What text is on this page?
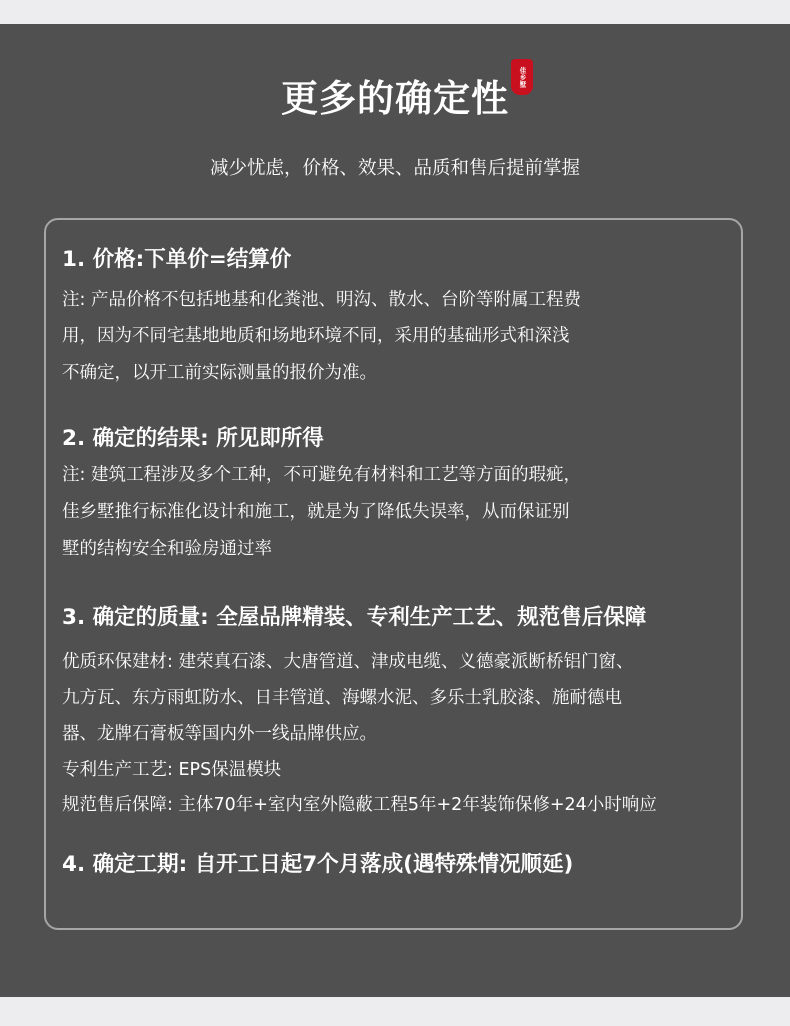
更多的确定性	佳乡墅
减少忧虑，价格、效果、品质和售后提前掌握
1. 价格:下单价=结算价
注: 产品价格不包括地基和化粪池、明沟、散水、台阶等附属工程费
用，因为不同宅基地地质和场地环境不同，采用的基础形式和深浅
不确定，以开工前实际测量的报价为准。
2. 确定的结果: 所见即所得
注: 建筑工程涉及多个工种，不可避免有材料和工艺等方面的瑕疵，
佳乡墅推行标准化设计和施工，就是为了降低失误率，从而保证别
墅的结构安全和验房通过率
3. 确定的质量: 全屋品牌精装、专利生产工艺、规范售后保障
优质环保建材: 建荣真石漆、大唐管道、津成电缆、义德豪派断桥铝门窗、
九方瓦、东方雨虹防水、日丰管道、海螺水泥、多乐士乳胶漆、施耐德电
器、龙牌石膏板等国内外一线品牌供应。
专利生产工艺: EPS保温模块
规范售后保障: 主体70年+室内室外隐蔽工程5年+2年装饰保修+24小时响应
4. 确定工期: 自开工日起7个月落成(遇特殊情况顺延)
